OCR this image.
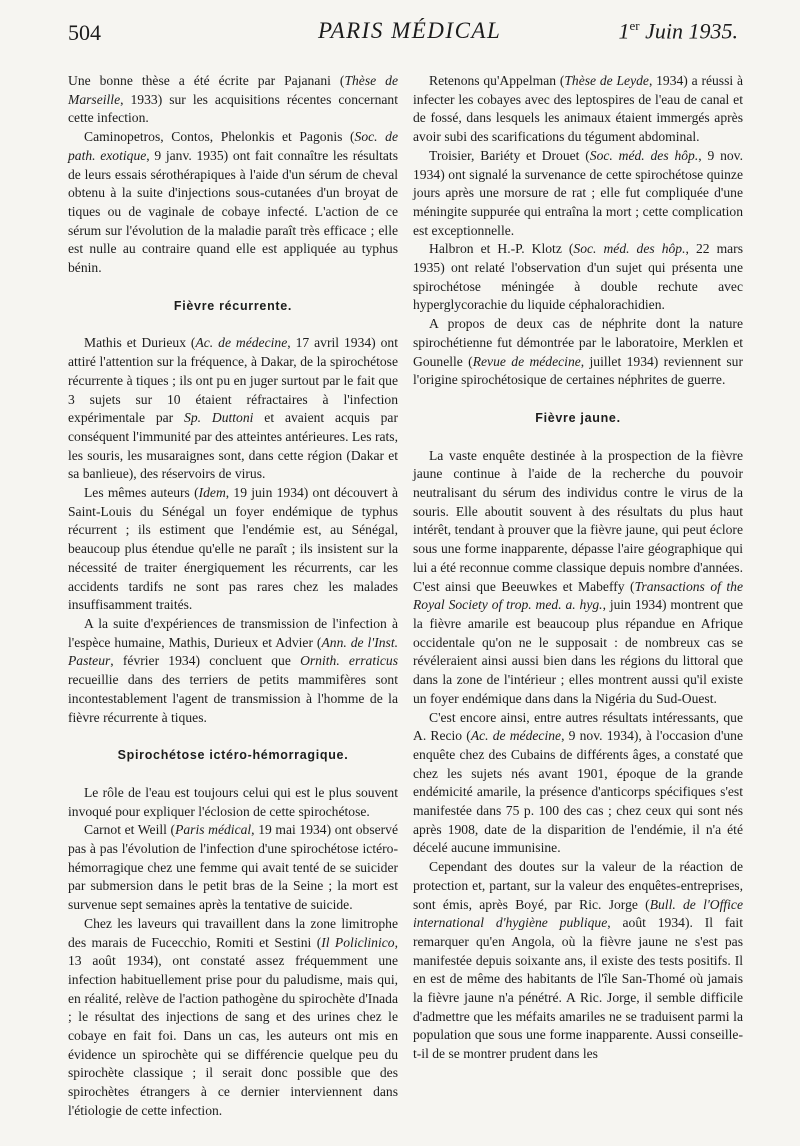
504	PARIS MÉDICAL	1er Juin 1935.

Une bonne thèse a été écrite par Pajanani (Thèse de Marseille, 1933) sur les acquisitions récentes concernant cette infection.

Caminopetros, Contos, Phelonkis et Pagonis (Soc. de path. exotique, 9 janv. 1935) ont fait connaître les résultats de leurs essais sérothérapiques à l'aide d'un sérum de cheval obtenu à la suite d'injections sous-cutanées d'un broyat de tiques ou de vaginale de cobaye infecté. L'action de ce sérum sur l'évolution de la maladie paraît très efficace ; elle est nulle au contraire quand elle est appliquée au typhus bénin.

Fièvre récurrente.

Mathis et Durieux (Ac. de médecine, 17 avril 1934) ont attiré l'attention sur la fréquence, à Dakar, de la spirochétose récurrente à tiques ; ils ont pu en juger surtout par le fait que 3 sujets sur 10 étaient réfractaires à l'infection expérimentale par Sp. Duttoni et avaient acquis par conséquent l'immunité par des atteintes antérieures. Les rats, les souris, les musaraignes sont, dans cette région (Dakar et sa banlieue), des réservoirs de virus.

Les mêmes auteurs (Idem, 19 juin 1934) ont découvert à Saint-Louis du Sénégal un foyer endémique de typhus récurrent ; ils estiment que l'endémie est, au Sénégal, beaucoup plus étendue qu'elle ne paraît ; ils insistent sur la nécessité de traiter énergiquement les récurrents, car les accidents tardifs ne sont pas rares chez les malades insuffisamment traités.

A la suite d'expériences de transmission de l'infection à l'espèce humaine, Mathis, Durieux et Advier (Ann. de l'Inst. Pasteur, février 1934) concluent que Ornith. erraticus recueillie dans des terriers de petits mammifères sont incontestablement l'agent de transmission à l'homme de la fièvre récurrente à tiques.

Spirochétose ictéro-hémorragique.

Le rôle de l'eau est toujours celui qui est le plus souvent invoqué pour expliquer l'éclosion de cette spirochétose.

Carnot et Weill (Paris médical, 19 mai 1934) ont observé pas à pas l'évolution de l'infection d'une spirochétose ictéro-hémorragique chez une femme qui avait tenté de se suicider par submersion dans le petit bras de la Seine ; la mort est survenue sept semaines après la tentative de suicide.

Chez les laveurs qui travaillent dans la zone limitrophe des marais de Fucecchio, Romiti et Sestini (Il Policlinico, 13 août 1934), ont constaté assez fréquemment une infection habituellement prise pour du paludisme, mais qui, en réalité, relève de l'action pathogène du spirochète d'Inada ; le résultat des injections de sang et des urines chez le cobaye en fait foi. Dans un cas, les auteurs ont mis en évidence un spirochète qui se différencie quelque peu du spirochète classique ; il serait donc possible que des spirochètes étrangers à ce dernier interviennent dans l'étiologie de cette infection.

Retenons qu'Appelman (Thèse de Leyde, 1934) a réussi à infecter les cobayes avec des leptospires de l'eau de canal et de fossé, dans lesquels les animaux étaient immergés après avoir subi des scarifications du tégument abdominal.

Troisier, Bariéty et Drouet (Soc. méd. des hôp., 9 nov. 1934) ont signalé la survenance de cette spirochétose quinze jours après une morsure de rat ; elle fut compliquée d'une méningite suppurée qui entraîna la mort ; cette complication est exceptionnelle.

Halbron et H.-P. Klotz (Soc. méd. des hôp., 22 mars 1935) ont relaté l'observation d'un sujet qui présenta une spirochétose méningée à double rechute avec hyperglycorachie du liquide céphalorachidien.

A propos de deux cas de néphrite dont la nature spirochétienne fut démontrée par le laboratoire, Merklen et Gounelle (Revue de médecine, juillet 1934) reviennent sur l'origine spirochétosique de certaines néphrites de guerre.

Fièvre jaune.

La vaste enquête destinée à la prospection de la fièvre jaune continue à l'aide de la recherche du pouvoir neutralisant du sérum des individus contre le virus de la souris. Elle aboutit souvent à des résultats du plus haut intérêt, tendant à prouver que la fièvre jaune, qui peut éclore sous une forme inapparente, dépasse l'aire géographique qui lui a été reconnue comme classique depuis nombre d'années. C'est ainsi que Beeuwkes et Mabeffy (Transactions of the Royal Society of trop. med. a. hyg., juin 1934) montrent que la fièvre amarile est beaucoup plus répandue en Afrique occidentale qu'on ne le supposait : de nombreux cas se révéleraient ainsi aussi bien dans les régions du littoral que dans la zone de l'intérieur ; elles montrent aussi qu'il existe un foyer endémique dans dans la Nigéria du Sud-Ouest.

C'est encore ainsi, entre autres résultats intéressants, que A. Recio (Ac. de médecine, 9 nov. 1934), à l'occasion d'une enquête chez des Cubains de différents âges, a constaté que chez les sujets nés avant 1901, époque de la grande endémicité amarile, la présence d'anticorps spécifiques s'est manifestée dans 75 p. 100 des cas ; chez ceux qui sont nés après 1908, date de la disparition de l'endémie, il n'a été décelé aucune immunisine.

Cependant des doutes sur la valeur de la réaction de protection et, partant, sur la valeur des enquêtes-entreprises, sont émis, après Boyé, par Ric. Jorge (Bull. de l'Office international d'hygiène publique, août 1934). Il fait remarquer qu'en Angola, où la fièvre jaune ne s'est pas manifestée depuis soixante ans, il existe des tests positifs. Il en est de même des habitants de l'île San-Thomé où jamais la fièvre jaune n'a pénétré. A Ric. Jorge, il semble difficile d'admettre que les méfaits amariles ne se traduisent parmi la population que sous une forme inapparente. Aussi conseille-t-il de se montrer prudent dans les
